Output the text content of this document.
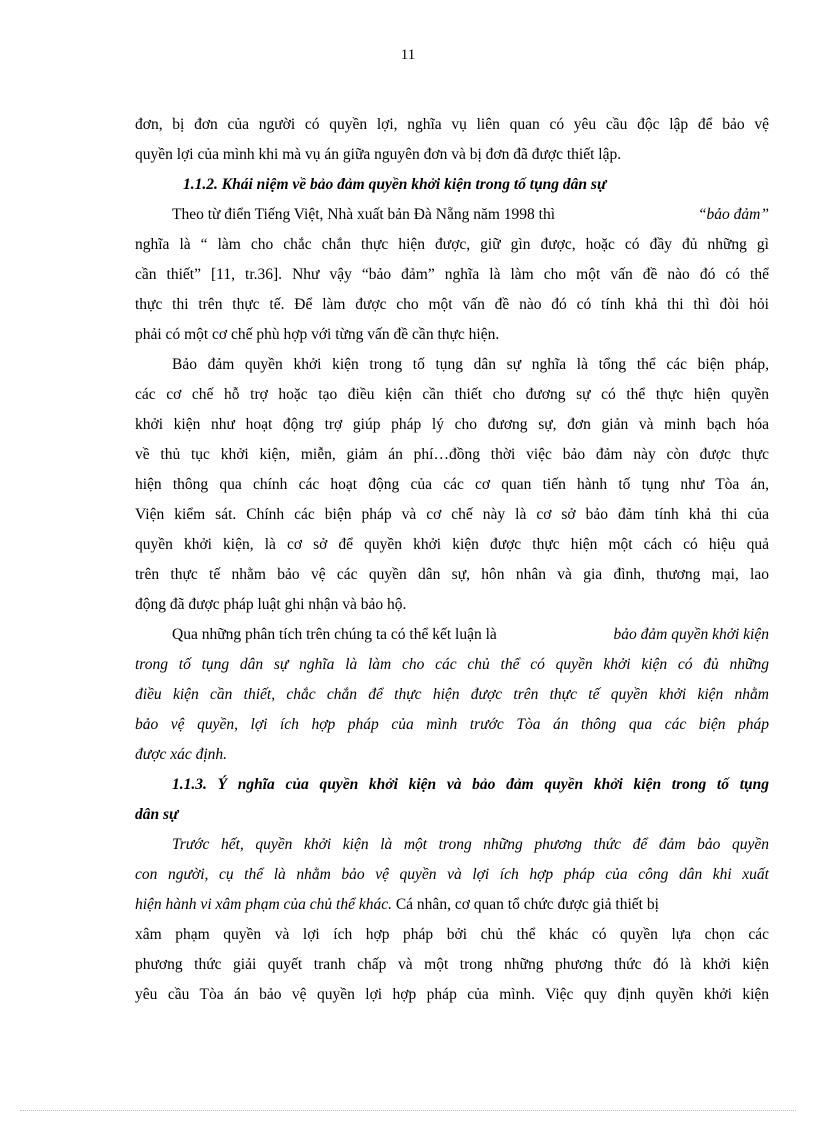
11
đơn, bị đơn của người có quyền lợi, nghĩa vụ liên quan có yêu cầu độc lập để bảo vệ
quyền lợi của mình khi mà vụ án giữa nguyên đơn và bị đơn đã được thiết lập.
1.1.2. Khái niệm về bảo đảm quyền khởi kiện trong tố tụng dân sự
Theo từ điển Tiếng Việt, Nhà xuất bản Đà Nẵng năm 1998 thì	“bảo đảm”
nghĩa là “ làm cho chắc chắn thực hiện được, giữ gìn được, hoặc có đầy đủ những gì
cần thiết” [11, tr.36]. Như vậy “bảo đảm” nghĩa là làm cho một vấn đề nào đó có thể
thực thi trên thực tế. Để làm được cho một vấn đề nào đó có tính khả thi thì đòi hỏi
phải có một cơ chế phù hợp với từng vấn đề cần thực hiện.
Bảo đảm quyền khởi kiện trong tố tụng dân sự nghĩa là tổng thể các biện pháp,
các cơ chế hỗ trợ hoặc tạo điều kiện cần thiết cho đương sự có thể thực hiện quyền
khởi kiện như hoạt động trợ giúp pháp lý cho đương sự, đơn giản và minh bạch hóa
về thủ tục khởi kiện, miễn, giảm án phí…đồng thời việc bảo đảm này còn được thực
hiện thông qua chính các hoạt động của các cơ quan tiến hành tố tụng như Tòa án,
Viện kiểm sát. Chính các biện pháp và cơ chế này là cơ sở bảo đảm tính khả thi của
quyền khởi kiện, là cơ sở để quyền khởi kiện được thực hiện một cách có hiệu quả
trên thực tế nhằm bảo vệ các quyền dân sự, hôn nhân và gia đình, thương mại, lao
động đã được pháp luật ghi nhận và bảo hộ.
Qua những phân tích trên chúng ta có thể kết luận là	bảo đảm quyền khởi kiện
trong tố tụng dân sự nghĩa là làm cho các chủ thể có quyền khởi kiện có đủ những
điều kiện cần thiết, chắc chắn để thực hiện được trên thực tế quyền khởi kiện nhằm
bảo vệ quyền, lợi ích hợp pháp của mình trước Tòa án thông qua các biện pháp
được xác định.
1.1.3. Ý nghĩa của quyền khởi kiện và bảo đảm quyền khởi kiện trong tố tụng
dân sự
Trước hết, quyền khởi kiện là một trong những phương thức để đảm bảo quyền
con người, cụ thể là nhằm bảo vệ quyền và lợi ích hợp pháp của công dân khi xuất
hiện hành vi xâm phạm của chủ thể khác. Cá nhân, cơ quan tổ chức được giả thiết bị
xâm phạm quyền và lợi ích hợp pháp bởi chủ thể khác có quyền lựa chọn các
phương thức giải quyết tranh chấp và một trong những phương thức đó là khởi kiện
yêu cầu Tòa án bảo vệ quyền lợi hợp pháp của mình. Việc quy định quyền khởi kiện
